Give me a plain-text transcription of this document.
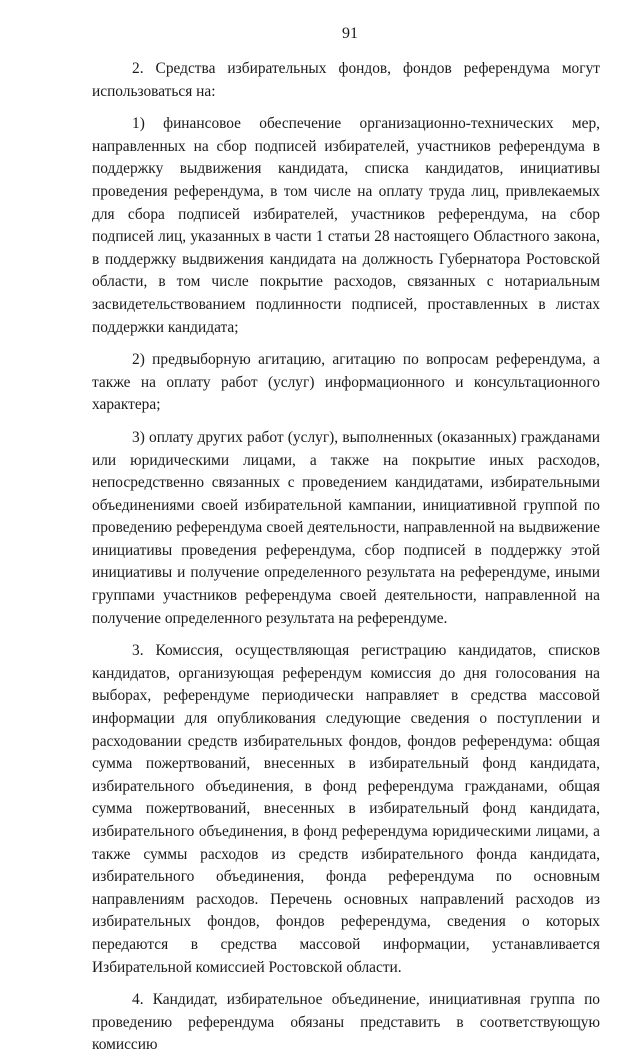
91

2. Средства избирательных фондов, фондов референдума могут использоваться на:

1) финансовое обеспечение организационно-технических мер, направленных на сбор подписей избирателей, участников референдума в поддержку выдвижения кандидата, списка кандидатов, инициативы проведения референдума, в том числе на оплату труда лиц, привлекаемых для сбора подписей избирателей, участников референдума, на сбор подписей лиц, указанных в части 1 статьи 28 настоящего Областного закона, в поддержку выдвижения кандидата на должность Губернатора Ростовской области, в том числе покрытие расходов, связанных с нотариальным засвидетельствованием подлинности подписей, проставленных в листах поддержки кандидата;

2) предвыборную агитацию, агитацию по вопросам референдума, а также на оплату работ (услуг) информационного и консультационного характера;

3) оплату других работ (услуг), выполненных (оказанных) гражданами или юридическими лицами, а также на покрытие иных расходов, непосредственно связанных с проведением кандидатами, избирательными объединениями своей избирательной кампании, инициативной группой по проведению референдума своей деятельности, направленной на выдвижение инициативы проведения референдума, сбор подписей в поддержку этой инициативы и получение определенного результата на референдуме, иными группами участников референдума своей деятельности, направленной на получение определенного результата на референдуме.

3. Комиссия, осуществляющая регистрацию кандидатов, списков кандидатов, организующая референдум комиссия до дня голосования на выборах, референдуме периодически направляет в средства массовой информации для опубликования следующие сведения о поступлении и расходовании средств избирательных фондов, фондов референдума: общая сумма пожертвований, внесенных в избирательный фонд кандидата, избирательного объединения, в фонд референдума гражданами, общая сумма пожертвований, внесенных в избирательный фонд кандидата, избирательного объединения, в фонд референдума юридическими лицами, а также суммы расходов из средств избирательного фонда кандидата, избирательного объединения, фонда референдума по основным направлениям расходов. Перечень основных направлений расходов из избирательных фондов, фондов референдума, сведения о которых передаются в средства массовой информации, устанавливается Избирательной комиссией Ростовской области.

4. Кандидат, избирательное объединение, инициативная группа по проведению референдума обязаны представить в соответствующую комиссию
